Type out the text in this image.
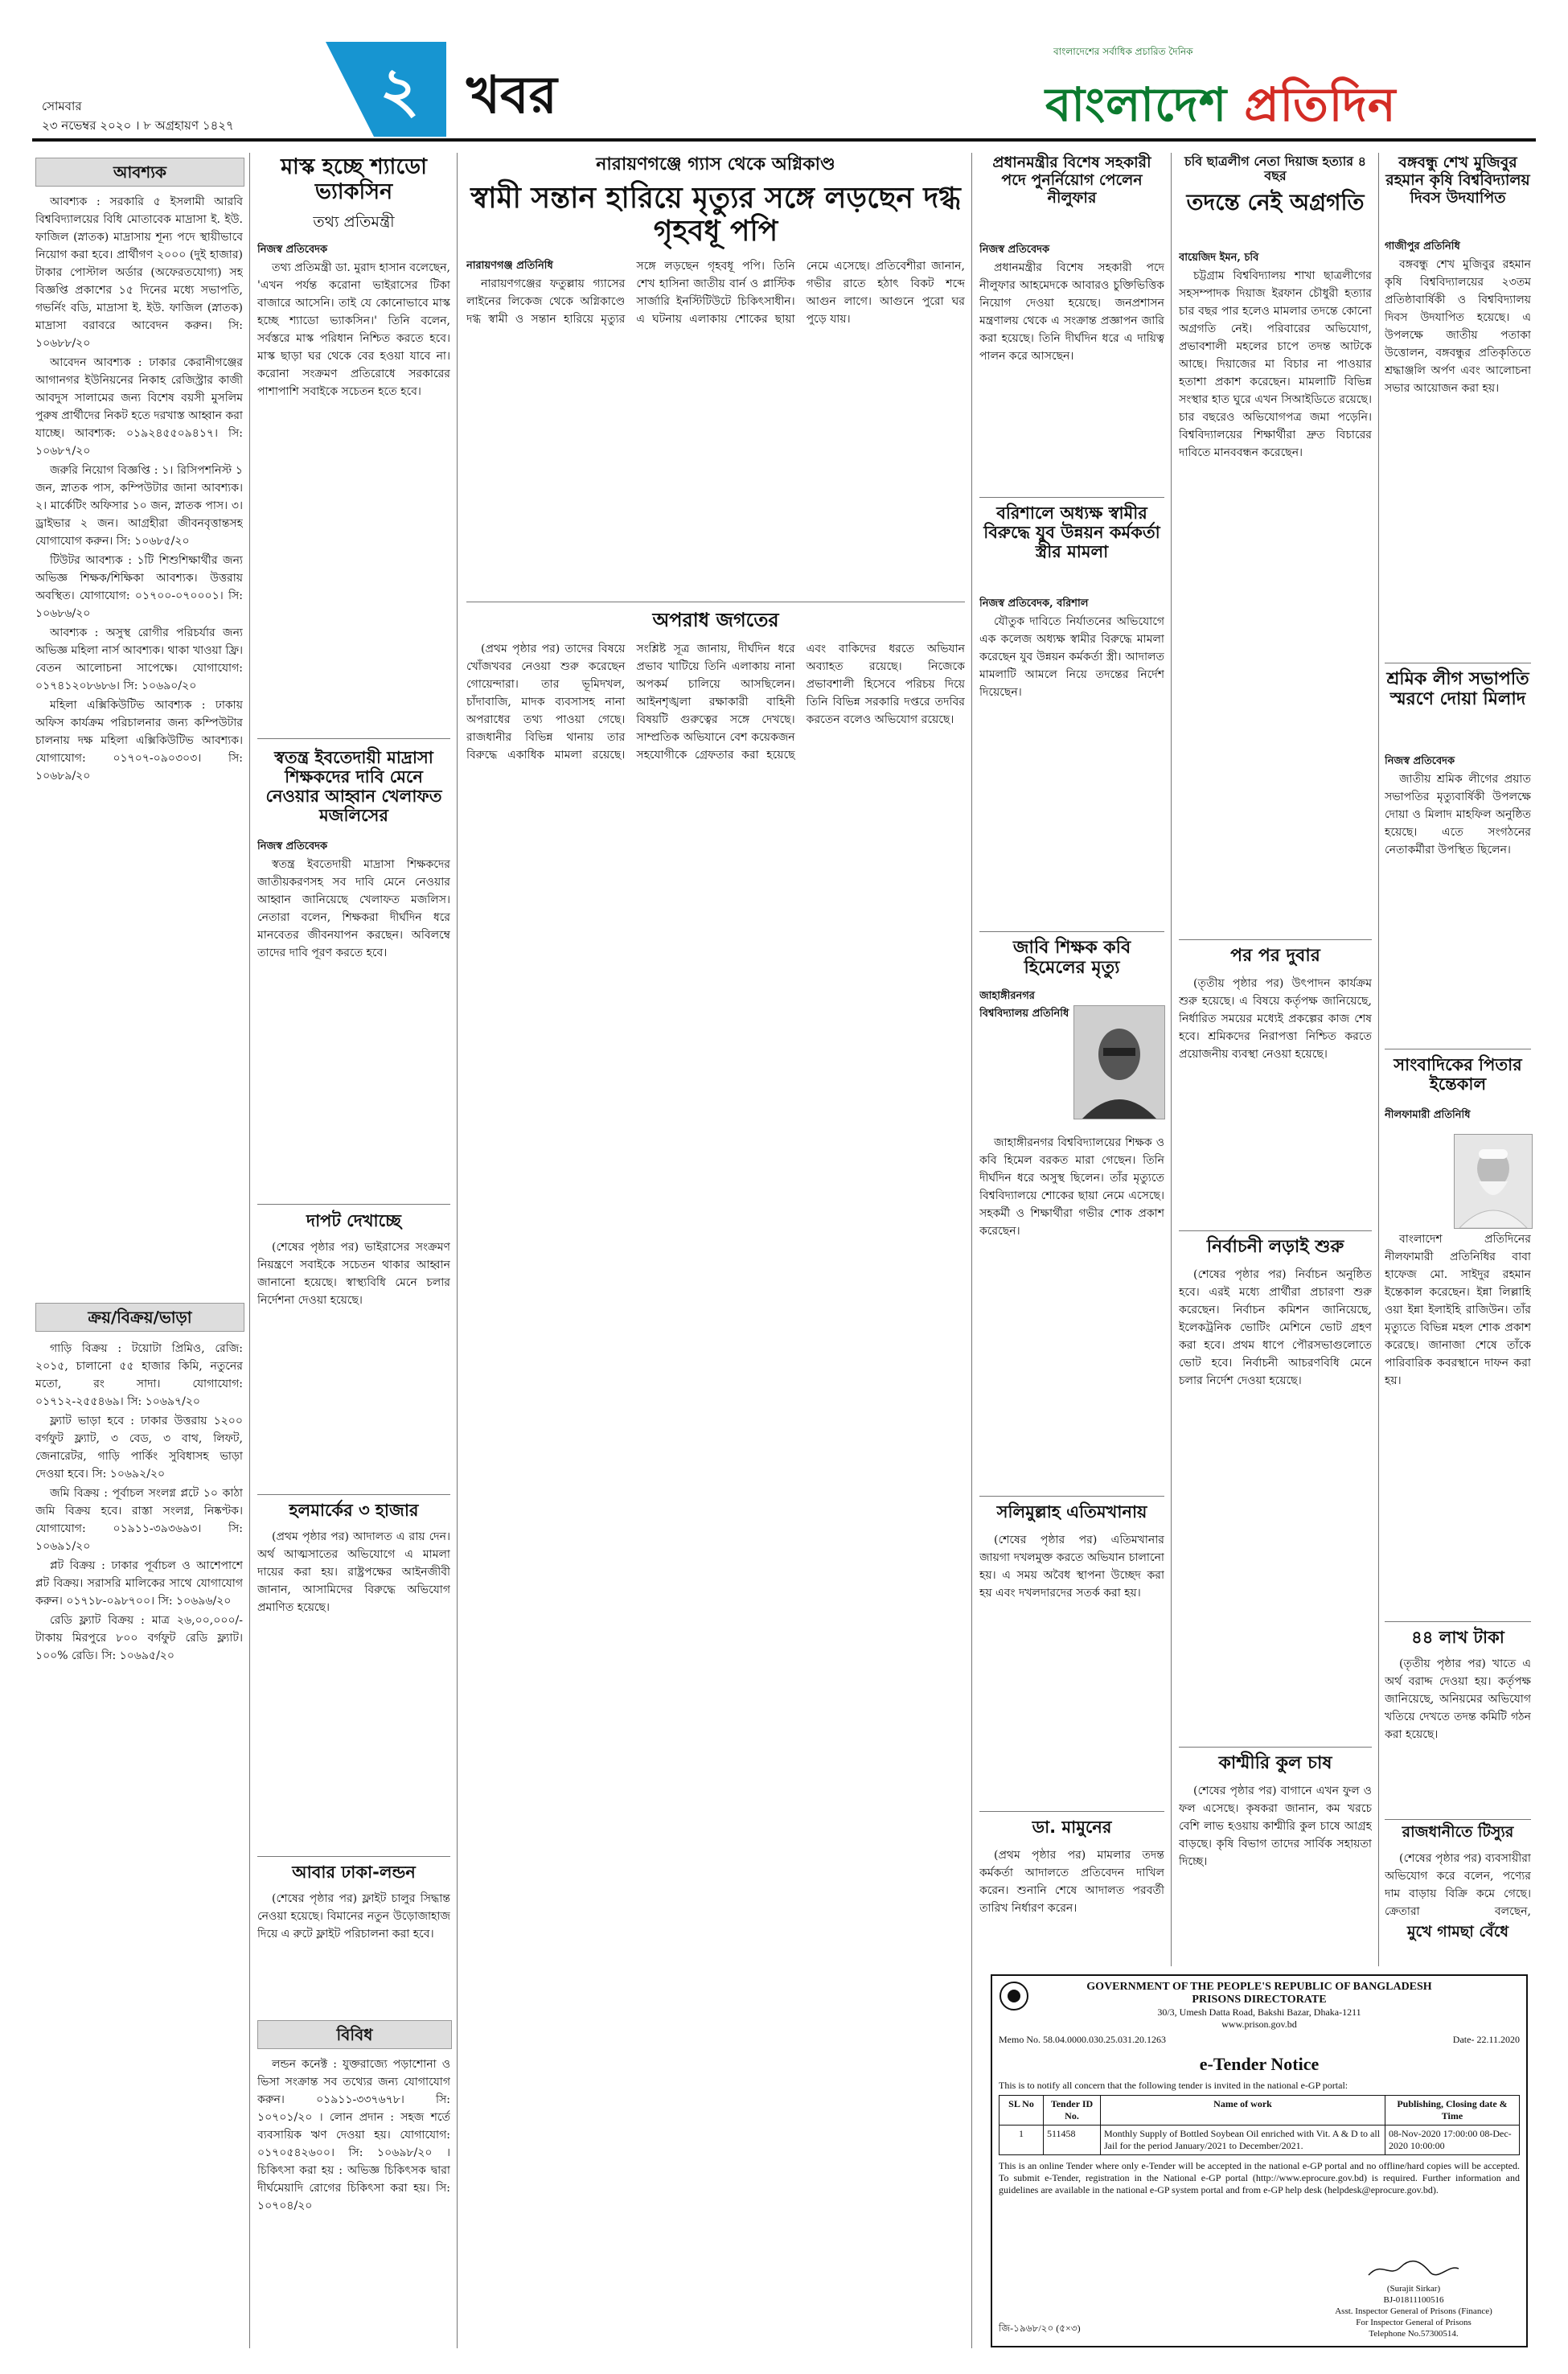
সোমবার
২৩ নভেম্বর ২০২০ । ৮ অগ্রহায়ণ ১৪২৭ ২ খবর
বাংলাদেশের সর্বাধিক প্রচারিত দৈনিক
বাংলাদেশ প্রতিদিন
আবশ্যক

আবশ্যক : সরকারি ৫ ইসলামী আরবি বিশ্ববিদ্যালয়ের বিধি মোতাবেক মাদ্রাসা ই. ইউ. ফাজিল (স্নাতক) মাদ্রাসায় শূন্য পদে স্থায়ীভাবে নিয়োগ করা হবে। প্রার্থীগণ ২০০০ (দুই হাজার) টাকার পোস্টাল অর্ডার (অফেরতযোগ্য) সহ বিজ্ঞপ্তি প্রকাশের ১৫ দিনের মধ্যে সভাপতি, গভর্নিং বডি, মাদ্রাসা ই. ইউ. ফাজিল (স্নাতক) মাদ্রাসা বরাবরে আবেদন করুন। সি: ১০৬৮৮/২০

আবেদন আবশ্যক : ঢাকার কেরানীগঞ্জের আগানগর ইউনিয়নের নিকাহ রেজিস্ট্রার কাজী আবদুস সালামের জন্য বিশেষ বয়সী মুসলিম পুরুষ প্রার্থীদের নিকট হতে দরখাস্ত আহ্বান করা যাচ্ছে। আবশ্যক: ০১৯২৪৫৫০৯৪১৭। সি: ১০৬৮৭/২০

জরুরি নিয়োগ বিজ্ঞপ্তি : ১। রিসিপশনিস্ট ১ জন, স্নাতক পাস, কম্পিউটার জানা আবশ্যক। ২। মার্কেটিং অফিসার ১০ জন, স্নাতক পাস। ৩। ড্রাইভার ২ জন। আগ্রহীরা জীবনবৃত্তান্তসহ যোগাযোগ করুন। সি: ১০৬৮৫/২০

টিউটর আবশ্যক : ১টি শিশুশিক্ষার্থীর জন্য অভিজ্ঞ শিক্ষক/শিক্ষিকা আবশ্যক। উত্তরায় অবস্থিত। যোগাযোগ: ০১৭০০-০৭০০০১। সি: ১০৬৮৬/২০

আবশ্যক : অসুস্থ রোগীর পরিচর্যার জন্য অভিজ্ঞ মহিলা নার্স আবশ্যক। থাকা খাওয়া ফ্রি। বেতন আলোচনা সাপেক্ষে। যোগাযোগ: ০১৭৪১২০৮৬৮৬। সি: ১০৬৯০/২০

মহিলা এক্সিকিউটিভ আবশ্যক : ঢাকায় অফিস কার্যক্রম পরিচালনার জন্য কম্পিউটার চালনায় দক্ষ মহিলা এক্সিকিউটিভ আবশ্যক। যোগাযোগ: ০১৭০৭-০৯০৩০৩। সি: ১০৬৮৯/২০

ক্রয়/বিক্রয়/ভাড়া

গাড়ি বিক্রয় : টয়োটা প্রিমিও, রেজি: ২০১৫, চালানো ৫৫ হাজার কিমি, নতুনের মতো, রং সাদা। যোগাযোগ: ০১৭১২-২৫৫৪৬৯। সি: ১০৬৯৭/২০

ফ্ল্যাট ভাড়া হবে : ঢাকার উত্তরায় ১২০০ বর্গফুট ফ্ল্যাট, ৩ বেড, ৩ বাথ, লিফট, জেনারেটর, গাড়ি পার্কিং সুবিধাসহ ভাড়া দেওয়া হবে। সি: ১০৬৯২/২০

জমি বিক্রয় : পূর্বাচল সংলগ্ন প্লটে ১০ কাঠা জমি বিক্রয় হবে। রাস্তা সংলগ্ন, নিষ্কণ্টক। যোগাযোগ: ০১৯১১-৩৯৩৬৯৩। সি: ১০৬৯১/২০

প্লট বিক্রয় : ঢাকার পূর্বাচল ও আশেপাশে প্লট বিক্রয়। সরাসরি মালিকের সাথে যোগাযোগ করুন। ০১৭১৮-০৯৮৭০০। সি: ১০৬৯৬/২০

রেডি ফ্ল্যাট বিক্রয় : মাত্র ২৬,০০,০০০/- টাকায় মিরপুরে ৮০০ বর্গফুট রেডি ফ্ল্যাট। ১০০% রেডি। সি: ১০৬৯৫/২০

মাস্ক হচ্ছে শ্যাডো ভ্যাকসিন
তথ্য প্রতিমন্ত্রী
নিজস্ব প্রতিবেদক

তথ্য প্রতিমন্ত্রী ডা. মুরাদ হাসান বলেছেন, 'এখন পর্যন্ত করোনা ভাইরাসের টিকা বাজারে আসেনি। তাই যে কোনোভাবে মাস্ক হচ্ছে শ্যাডো ভ্যাকসিন।' তিনি বলেন, সর্বস্তরে মাস্ক পরিধান নিশ্চিত করতে হবে। মাস্ক ছাড়া ঘর থেকে বের হওয়া যাবে না। করোনা সংক্রমণ প্রতিরোধে সরকারের পাশাপাশি সবাইকে সচেতন হতে হবে।

স্বতন্ত্র ইবতেদায়ী মাদ্রাসা শিক্ষকদের দাবি মেনে নেওয়ার আহ্বান খেলাফত মজলিসের
নিজস্ব প্রতিবেদক

স্বতন্ত্র ইবতেদায়ী মাদ্রাসা শিক্ষকদের জাতীয়করণসহ সব দাবি মেনে নেওয়ার আহ্বান জানিয়েছে খেলাফত মজলিস। নেতারা বলেন, শিক্ষকরা দীর্ঘদিন ধরে মানবেতর জীবনযাপন করছেন। অবিলম্বে তাদের দাবি পূরণ করতে হবে।

দাপট দেখাচ্ছে

(শেষের পৃষ্ঠার পর) ভাইরাসের সংক্রমণ নিয়ন্ত্রণে সবাইকে সচেতন থাকার আহ্বান জানানো হয়েছে। স্বাস্থ্যবিধি মেনে চলার নির্দেশনা দেওয়া হয়েছে।

হলমার্কের ৩ হাজার

(প্রথম পৃষ্ঠার পর) আদালত এ রায় দেন। অর্থ আত্মসাতের অভিযোগে এ মামলা দায়ের করা হয়। রাষ্ট্রপক্ষের আইনজীবী জানান, আসামিদের বিরুদ্ধে অভিযোগ প্রমাণিত হয়েছে।

আবার ঢাকা-লন্ডন

(শেষের পৃষ্ঠার পর) ফ্লাইট চালুর সিদ্ধান্ত নেওয়া হয়েছে। বিমানের নতুন উড়োজাহাজ দিয়ে এ রুটে ফ্লাইট পরিচালনা করা হবে।

বিবিধ

লন্ডন কনেক্ট : যুক্তরাজ্যে পড়াশোনা ও ভিসা সংক্রান্ত সব তথ্যের জন্য যোগাযোগ করুন। ০১৯১১-৩৩৭৬৭৮। সি: ১০৭০১/২০ । লোন প্রদান : সহজ শর্তে ব্যবসায়িক ঋণ দেওয়া হয়। যোগাযোগ: ০১৭০৫৪২৬০০। সি: ১০৬৯৮/২০ । চিকিৎসা করা হয় : অভিজ্ঞ চিকিৎসক দ্বারা দীর্ঘমেয়াদি রোগের চিকিৎসা করা হয়। সি: ১০৭০৪/২০

নারায়ণগঞ্জে গ্যাস থেকে অগ্নিকাণ্ড
স্বামী সন্তান হারিয়ে মৃত্যুর সঙ্গে লড়ছেন দগ্ধ গৃহবধূ পপি
নারায়ণগঞ্জ প্রতিনিধি

নারায়ণগঞ্জের ফতুল্লায় গ্যাসের লাইনের লিকেজ থেকে অগ্নিকাণ্ডে দগ্ধ স্বামী ও সন্তান হারিয়ে মৃত্যুর সঙ্গে লড়ছেন গৃহবধূ পপি। তিনি শেখ হাসিনা জাতীয় বার্ন ও প্লাস্টিক সার্জারি ইনস্টিটিউটে চিকিৎসাধীন। এ ঘটনায় এলাকায় শোকের ছায়া নেমে এসেছে। প্রতিবেশীরা জানান, গভীর রাতে হঠাৎ বিকট শব্দে আগুন লাগে। আগুনে পুরো ঘর পুড়ে যায়।

অপরাধ জগতের

(প্রথম পৃষ্ঠার পর) তাদের বিষয়ে খোঁজখবর নেওয়া শুরু করেছেন গোয়েন্দারা। তার ভূমিদখল, চাঁদাবাজি, মাদক ব্যবসাসহ নানা অপরাধের তথ্য পাওয়া গেছে। রাজধানীর বিভিন্ন থানায় তার বিরুদ্ধে একাধিক মামলা রয়েছে। সংশ্লিষ্ট সূত্র জানায়, দীর্ঘদিন ধরে প্রভাব খাটিয়ে তিনি এলাকায় নানা অপকর্ম চালিয়ে আসছিলেন। আইনশৃঙ্খলা রক্ষাকারী বাহিনী বিষয়টি গুরুত্বের সঙ্গে দেখছে। সাম্প্রতিক অভিযানে বেশ কয়েকজন সহযোগীকে গ্রেফতার করা হয়েছে এবং বাকিদের ধরতে অভিযান অব্যাহত রয়েছে। নিজেকে প্রভাবশালী হিসেবে পরিচয় দিয়ে তিনি বিভিন্ন সরকারি দপ্তরে তদবির করতেন বলেও অভিযোগ রয়েছে।

প্রধানমন্ত্রীর বিশেষ সহকারী পদে পুনর্নিয়োগ পেলেন নীলুফার
নিজস্ব প্রতিবেদক

প্রধানমন্ত্রীর বিশেষ সহকারী পদে নীলুফার আহমেদকে আবারও চুক্তিভিত্তিক নিয়োগ দেওয়া হয়েছে। জনপ্রশাসন মন্ত্রণালয় থেকে এ সংক্রান্ত প্রজ্ঞাপন জারি করা হয়েছে। তিনি দীর্ঘদিন ধরে এ দায়িত্ব পালন করে আসছেন।

বরিশালে অধ্যক্ষ স্বামীর বিরুদ্ধে যুব উন্নয়ন কর্মকর্তা স্ত্রীর মামলা
নিজস্ব প্রতিবেদক, বরিশাল

যৌতুক দাবিতে নির্যাতনের অভিযোগে এক কলেজ অধ্যক্ষ স্বামীর বিরুদ্ধে মামলা করেছেন যুব উন্নয়ন কর্মকর্তা স্ত্রী। আদালত মামলাটি আমলে নিয়ে তদন্তের নির্দেশ দিয়েছেন।

জাবি শিক্ষক কবি হিমেলের মৃত্যু
জাহাঙ্গীরনগর বিশ্ববিদ্যালয় প্রতিনিধি

জাহাঙ্গীরনগর বিশ্ববিদ্যালয়ের শিক্ষক ও কবি হিমেল বরকত মারা গেছেন। তিনি দীর্ঘদিন ধরে অসুস্থ ছিলেন। তাঁর মৃত্যুতে বিশ্ববিদ্যালয়ে শোকের ছায়া নেমে এসেছে। সহকর্মী ও শিক্ষার্থীরা গভীর শোক প্রকাশ করেছেন।

সলিমুল্লাহ এতিমখানায়

(শেষের পৃষ্ঠার পর) এতিমখানার জায়গা দখলমুক্ত করতে অভিযান চালানো হয়। এ সময় অবৈধ স্থাপনা উচ্ছেদ করা হয় এবং দখলদারদের সতর্ক করা হয়।

ডা. মামুনের

(প্রথম পৃষ্ঠার পর) মামলার তদন্ত কর্মকর্তা আদালতে প্রতিবেদন দাখিল করেন। শুনানি শেষে আদালত পরবর্তী তারিখ নির্ধারণ করেন।

চবি ছাত্রলীগ নেতা দিয়াজ হত্যার ৪ বছর
তদন্তে নেই অগ্রগতি
বায়েজিদ ইমন, চবি

চট্টগ্রাম বিশ্ববিদ্যালয় শাখা ছাত্রলীগের সহসম্পাদক দিয়াজ ইরফান চৌধুরী হত্যার চার বছর পার হলেও মামলার তদন্তে কোনো অগ্রগতি নেই। পরিবারের অভিযোগ, প্রভাবশালী মহলের চাপে তদন্ত আটকে আছে। দিয়াজের মা বিচার না পাওয়ার হতাশা প্রকাশ করেছেন। মামলাটি বিভিন্ন সংস্থার হাত ঘুরে এখন সিআইডিতে রয়েছে। চার বছরেও অভিযোগপত্র জমা পড়েনি। বিশ্ববিদ্যালয়ের শিক্ষার্থীরা দ্রুত বিচারের দাবিতে মানববন্ধন করেছেন।

পর পর দুবার

(তৃতীয় পৃষ্ঠার পর) উৎপাদন কার্যক্রম শুরু হয়েছে। এ বিষয়ে কর্তৃপক্ষ জানিয়েছে, নির্ধারিত সময়ের মধ্যেই প্রকল্পের কাজ শেষ হবে। শ্রমিকদের নিরাপত্তা নিশ্চিত করতে প্রয়োজনীয় ব্যবস্থা নেওয়া হয়েছে।

নির্বাচনী লড়াই শুরু

(শেষের পৃষ্ঠার পর) নির্বাচন অনুষ্ঠিত হবে। এরই মধ্যে প্রার্থীরা প্রচারণা শুরু করেছেন। নির্বাচন কমিশন জানিয়েছে, ইলেকট্রনিক ভোটিং মেশিনে ভোট গ্রহণ করা হবে। প্রথম ধাপে পৌরসভাগুলোতে ভোট হবে। নির্বাচনী আচরণবিধি মেনে চলার নির্দেশ দেওয়া হয়েছে।

কাশ্মীরি কুল চাষ

(শেষের পৃষ্ঠার পর) বাগানে এখন ফুল ও ফল এসেছে। কৃষকরা জানান, কম খরচে বেশি লাভ হওয়ায় কাশ্মীরি কুল চাষে আগ্রহ বাড়ছে। কৃষি বিভাগ তাদের সার্বিক সহায়তা দিচ্ছে।

বঙ্গবন্ধু শেখ মুজিবুর রহমান কৃষি বিশ্ববিদ্যালয় দিবস উদযাপিত
গাজীপুর প্রতিনিধি

বঙ্গবন্ধু শেখ মুজিবুর রহমান কৃষি বিশ্ববিদ্যালয়ের ২৩তম প্রতিষ্ঠাবার্ষিকী ও বিশ্ববিদ্যালয় দিবস উদযাপিত হয়েছে। এ উপলক্ষে জাতীয় পতাকা উত্তোলন, বঙ্গবন্ধুর প্রতিকৃতিতে শ্রদ্ধাঞ্জলি অর্পণ এবং আলোচনা সভার আয়োজন করা হয়।

শ্রমিক লীগ সভাপতি স্মরণে দোয়া মিলাদ
নিজস্ব প্রতিবেদক

জাতীয় শ্রমিক লীগের প্রয়াত সভাপতির মৃত্যুবার্ষিকী উপলক্ষে দোয়া ও মিলাদ মাহফিল অনুষ্ঠিত হয়েছে। এতে সংগঠনের নেতাকর্মীরা উপস্থিত ছিলেন।

সাংবাদিকের পিতার ইন্তেকাল
নীলফামারী প্রতিনিধি

বাংলাদেশ প্রতিদিনের নীলফামারী প্রতিনিধির বাবা হাফেজ মো. সাইদুর রহমান ইন্তেকাল করেছেন। ইন্না লিল্লাহি ওয়া ইন্না ইলাইহি রাজিউন। তাঁর মৃত্যুতে বিভিন্ন মহল শোক প্রকাশ করেছে। জানাজা শেষে তাঁকে পারিবারিক কবরস্থানে দাফন করা হয়।

৪৪ লাখ টাকা

(তৃতীয় পৃষ্ঠার পর) খাতে এ অর্থ বরাদ্দ দেওয়া হয়। কর্তৃপক্ষ জানিয়েছে, অনিয়মের অভিযোগ খতিয়ে দেখতে তদন্ত কমিটি গঠন করা হয়েছে।

রাজধানীতে টিস্যুর

(শেষের পৃষ্ঠার পর) ব্যবসায়ীরা অভিযোগ করে বলেন, পণ্যের দাম বাড়ায় বিক্রি কমে গেছে। ক্রেতারা বলছেন,

মুখে গামছা বেঁধে
GOVERNMENT OF THE PEOPLE'S REPUBLIC OF BANGLADESH
PRISONS DIRECTORATE
30/3, Umesh Datta Road, Bakshi Bazar, Dhaka-1211
www.prison.gov.bd
Memo No. 58.04.0000.030.25.031.20.1263	Date- 22.11.2020
e-Tender Notice
This is to notify all concern that the following tender is invited in the national e-GP portal:
SL No	Tender ID No.	Name of work	Publishing, Closing date & Time
1	511458	Monthly Supply of Bottled Soybean Oil enriched with Vit. A & D to all Jail for the period January/2021 to December/2021.	08-Nov-2020 17:00:00 08-Dec-2020 10:00:00
This is an online Tender where only e-Tender will be accepted in the national e-GP portal and no offline/hard copies will be accepted. To submit e-Tender, registration in the National e-GP portal (http://www.eprocure.gov.bd) is required. Further information and guidelines are available in the national e-GP system portal and from e-GP help desk (helpdesk@eprocure.gov.bd).
জি-১৯৬৮/২০ (৫×৩)
(Surajit Sirkar)
BJ-01811100516
Asst. Inspector General of Prisons (Finance)
For Inspector General of Prisons
Telephone No.57300514.
